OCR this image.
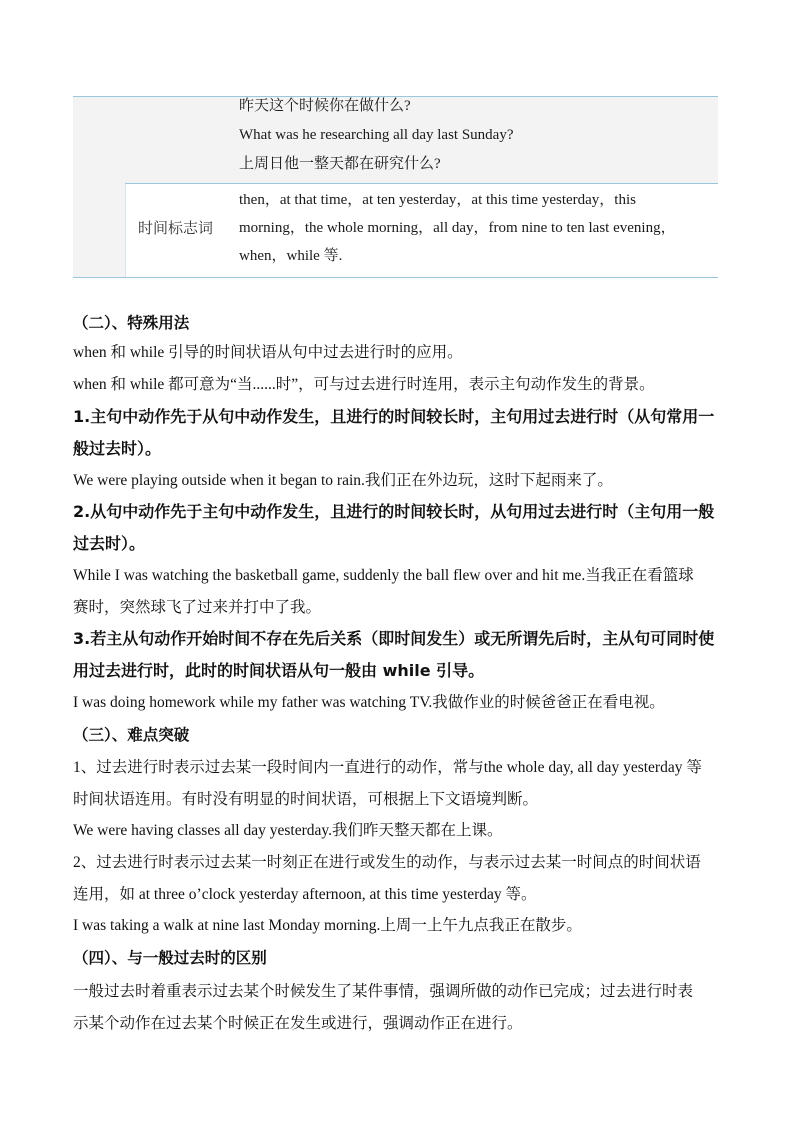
昨天这个时候你在做什么?
What was he researching all day last Sunday?
上周日他一整天都在研究什么?
时间标志词
then，at that time，at ten yesterday，at this time yesterday，this
morning，the whole morning，all day，from nine to ten last evening，
when，while 等.
（二）、特殊用法
when 和 while 引导的时间状语从句中过去进行时的应用。
when 和 while 都可意为“当......时”，可与过去进行时连用，表示主句动作发生的背景。
1.主句中动作先于从句中动作发生，且进行的时间较长时，主句用过去进行时（从句常用一
般过去时）。
We were playing outside when it began to rain.我们正在外边玩，这时下起雨来了。
2.从句中动作先于主句中动作发生，且进行的时间较长时，从句用过去进行时（主句用一般
过去时）。
While I was watching the basketball game, suddenly the ball flew over and hit me.当我正在看篮球
赛时，突然球飞了过来并打中了我。
3.若主从句动作开始时间不存在先后关系（即时间发生）或无所谓先后时，主从句可同时使
用过去进行时，此时的时间状语从句一般由 while 引导。
I was doing homework while my father was watching TV.我做作业的时候爸爸正在看电视。
（三）、难点突破
1、过去进行时表示过去某一段时间内一直进行的动作，常与the whole day, all day yesterday 等
时间状语连用。有时没有明显的时间状语，可根据上下文语境判断。
We were having classes all day yesterday.我们昨天整天都在上课。
2、过去进行时表示过去某一时刻正在进行或发生的动作，与表示过去某一时间点的时间状语
连用，如 at three o’clock yesterday afternoon, at this time yesterday 等。
I was taking a walk at nine last Monday morning.上周一上午九点我正在散步。
（四）、与一般过去时的区别
一般过去时着重表示过去某个时候发生了某件事情，强调所做的动作已完成；过去进行时表
示某个动作在过去某个时候正在发生或进行，强调动作正在进行。
